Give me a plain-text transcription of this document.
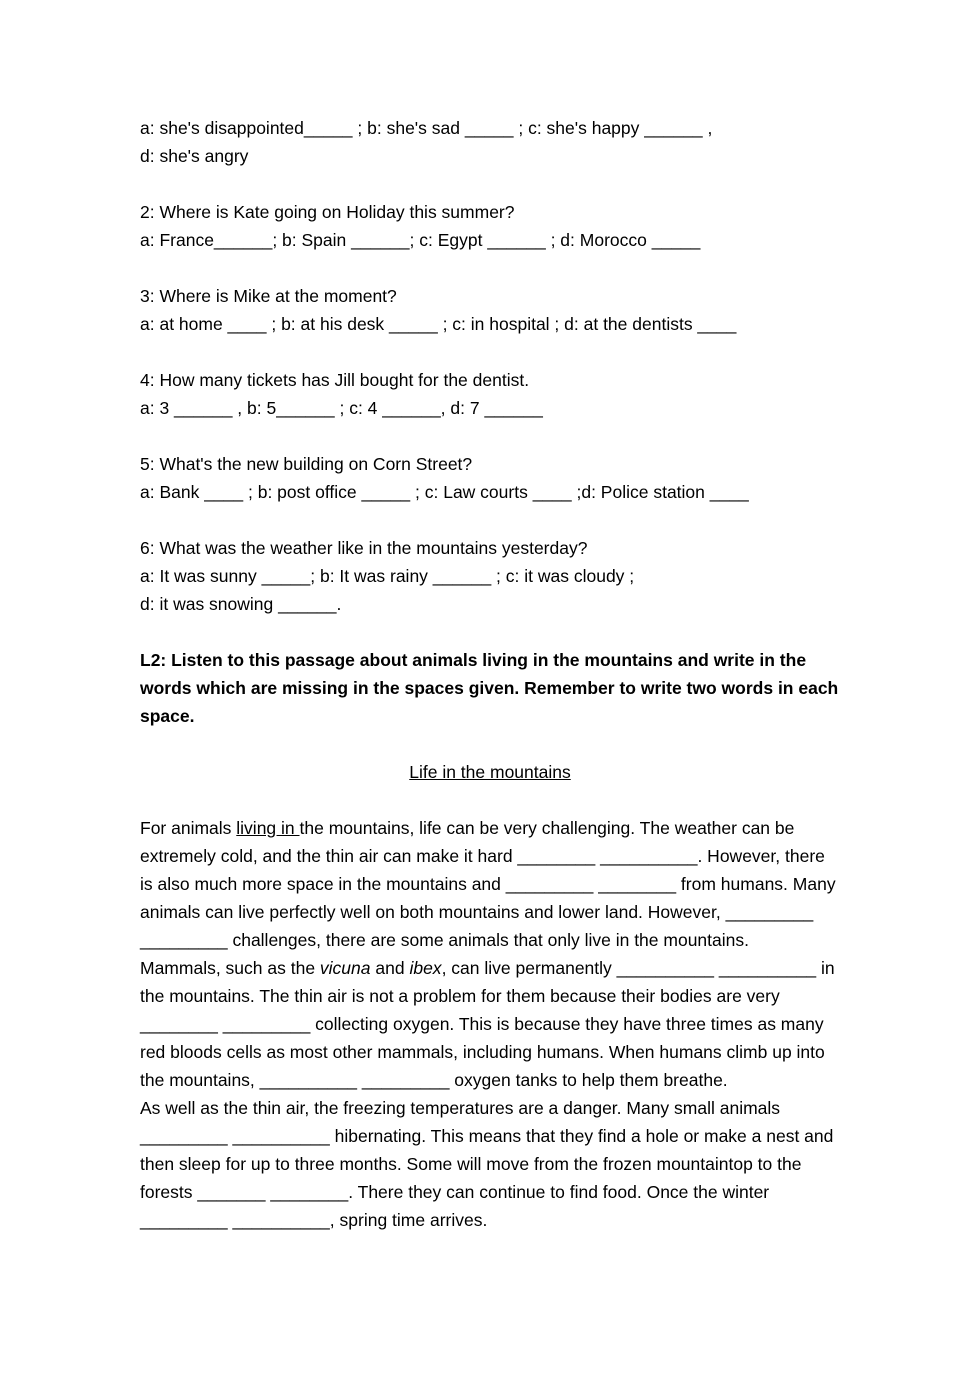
a: she's disappointed_____ ; b: she's sad _____ ; c: she's happy ______ ,
d: she's angry

2: Where is Kate going on Holiday this summer?
a: France______; b: Spain ______; c: Egypt ______ ; d: Morocco _____

3: Where is Mike at the moment?
a: at home ____ ; b: at his desk _____ ; c: in hospital ; d: at the dentists ____

4: How many tickets has Jill bought for the dentist.
a: 3 ______ , b: 5______ ; c: 4 ______, d: 7 ______

5: What's the new building on Corn Street?
a: Bank ____ ; b: post office _____ ; c: Law courts ____ ;d: Police station ____

6: What was the weather like in the mountains yesterday?
a: It was sunny _____; b: It was rainy ______ ; c: it was cloudy ;
d: it was snowing ______.

L2: Listen to this passage about animals living in the mountains and write in the words which are missing in the spaces given. Remember to write two words in each space.

Life in the mountains

For animals living in the mountains, life can be very challenging. The weather can be extremely cold, and the thin air can make it hard ________ __________. However, there is also much more space in the mountains and _________ ________ from humans. Many animals can live perfectly well on both mountains and lower land. However, _________ _________ challenges, there are some animals that only live in the mountains.

Mammals, such as the vicuna and ibex, can live permanently __________ __________ in the mountains. The thin air is not a problem for them because their bodies are very ________ _________ collecting oxygen. This is because they have three times as many red bloods cells as most other mammals, including humans. When humans climb up into the mountains, __________ _________ oxygen tanks to help them breathe.

As well as the thin air, the freezing temperatures are a danger. Many small animals _________ __________ hibernating. This means that they find a hole or make a nest and then sleep for up to three months. Some will move from the frozen mountaintop to the forests _______ ________. There they can continue to find food. Once the winter _________ __________, spring time arrives.
